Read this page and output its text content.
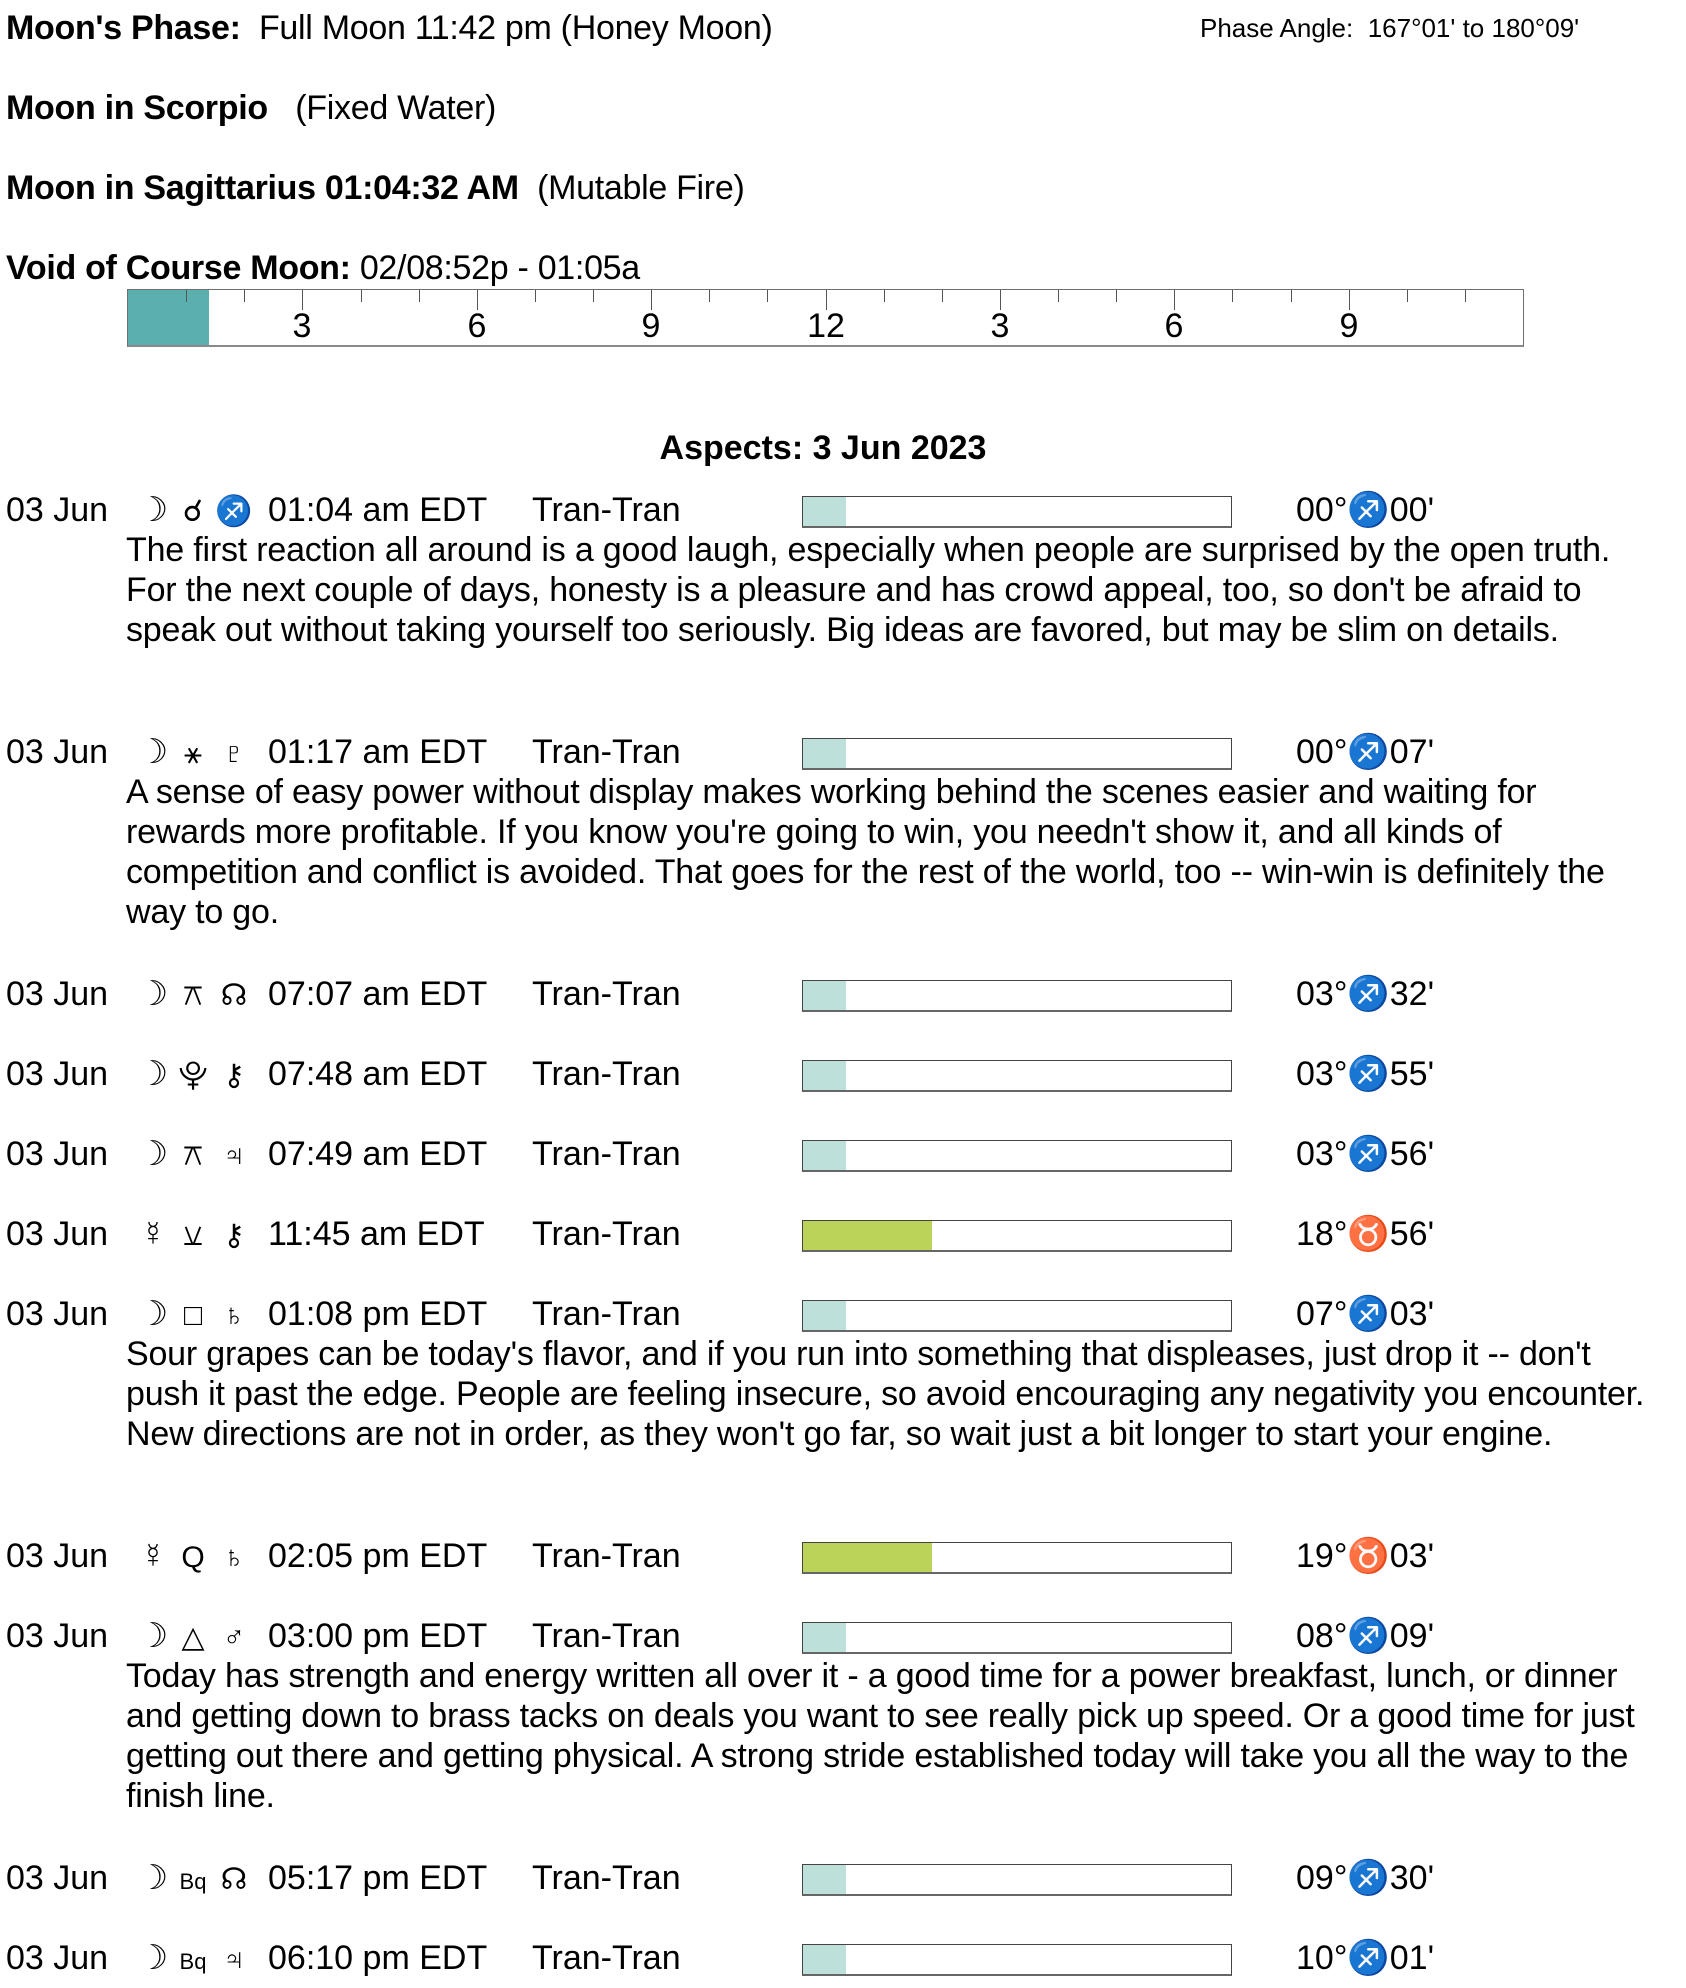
Moon's Phase: Full Moon 11:42 pm (Honey Moon)	Phase Angle: 167°01' to 180°09'
Moon in Scorpio (Fixed Water)
Moon in Sagittarius 01:04:32 AM (Mutable Fire)
Void of Course Moon: 02/08:52p - 01:05a
3	6	9	12	3	6	9
Aspects: 3 Jun 2023
03 Jun ☽ ☌ ♐ 01:04 am EDT Tran-Tran	00°♐00'
The first reaction all around is a good laugh, especially when people are surprised by the open truth. For the next couple of days, honesty is a pleasure and has crowd appeal, too, so don't be afraid to speak out without taking yourself too seriously. Big ideas are favored, but may be slim on details.
03 Jun ☽ ⚹ ♇ 01:17 am EDT Tran-Tran	00°♐07'
A sense of easy power without display makes working behind the scenes easier and waiting for rewards more profitable. If you know you're going to win, you needn't show it, and all kinds of competition and conflict is avoided. That goes for the rest of the world, too -- win-win is definitely the way to go.
03 Jun ☽ ⚻ ☊ 07:07 am EDT Tran-Tran	03°♐32'
03 Jun ☽ ⯓ ⚷ 07:48 am EDT Tran-Tran	03°♐55'
03 Jun ☽ ⚻ ♃ 07:49 am EDT Tran-Tran	03°♐56'
03 Jun ☿ ⚺ ⚷ 11:45 am EDT Tran-Tran	18°♉56'
03 Jun ☽ □ ♄ 01:08 pm EDT Tran-Tran	07°♐03'
Sour grapes can be today's flavor, and if you run into something that displeases, just drop it -- don't push it past the edge. People are feeling insecure, so avoid encouraging any negativity you encounter. New directions are not in order, as they won't go far, so wait just a bit longer to start your engine.
03 Jun ☿ Q ♄ 02:05 pm EDT Tran-Tran	19°♉03'
03 Jun ☽ △ ♂ 03:00 pm EDT Tran-Tran	08°♐09'
Today has strength and energy written all over it - a good time for a power breakfast, lunch, or dinner and getting down to brass tacks on deals you want to see really pick up speed. Or a good time for just getting out there and getting physical. A strong stride established today will take you all the way to the finish line.
03 Jun ☽ Bq ☊ 05:17 pm EDT Tran-Tran	09°♐30'
03 Jun ☽ Bq ♃ 06:10 pm EDT Tran-Tran	10°♐01'
